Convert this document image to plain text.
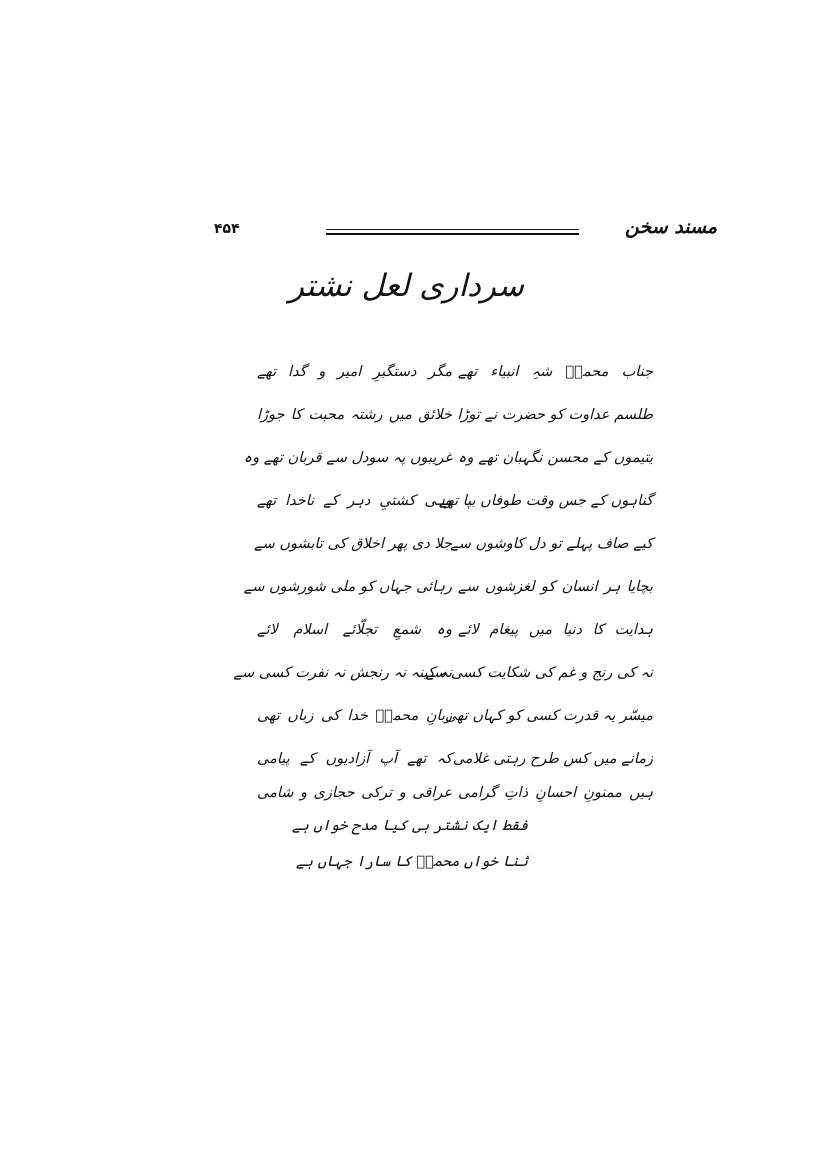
مسند سخن
۴۵۴
سرداری لعل نشتر
جناب محمدؐ شہِ انبیاء تھے
مگر دستگیرِ امیر و گدا تھے
طلسم عداوت کو حضرت نے توڑا
خلائق میں رشتہ محبت کا جوڑا
یتیموں کے محسن نگہبان تھے وہ
غریبوں پہ سودل سے قربان تھے وہ
گناہوں کے جس وقت طوفاں بپا تھے
وہی کشتیِ دہر کے ناخدا تھے
کیے صاف پہلے تو دل کاوشوں سے
جلا دی پھر اخلاق کی تابشوں سے
بچایا ہر انسان کو لغزشوں سے
رہائی جہاں کو ملی شورشوں سے
ہدایت کا دنیا میں پیغام لائے
وہ شمعِ تجلّائے اسلام لائے
نہ کی رنج و غم کی شکایت کسی سے
نہ کینہ نہ رنجش نہ نفرت کسی سے
میسّر یہ قدرت کسی کو کہاں تھی
زبانِ محمدؐ خدا کی زباں تھی
زمانے میں کس طرح رہتی غلامی
کہ تھے آپ آزادیوں کے پیامی
ہیں ممنونِ احسانِ ذاتِ گرامی
عراقی و ترکی حجازی و شامی
فقط ایک نشتر ہی کیا مدح خواں ہے
ثنا خواں محمدؐ کا سارا جہاں ہے
